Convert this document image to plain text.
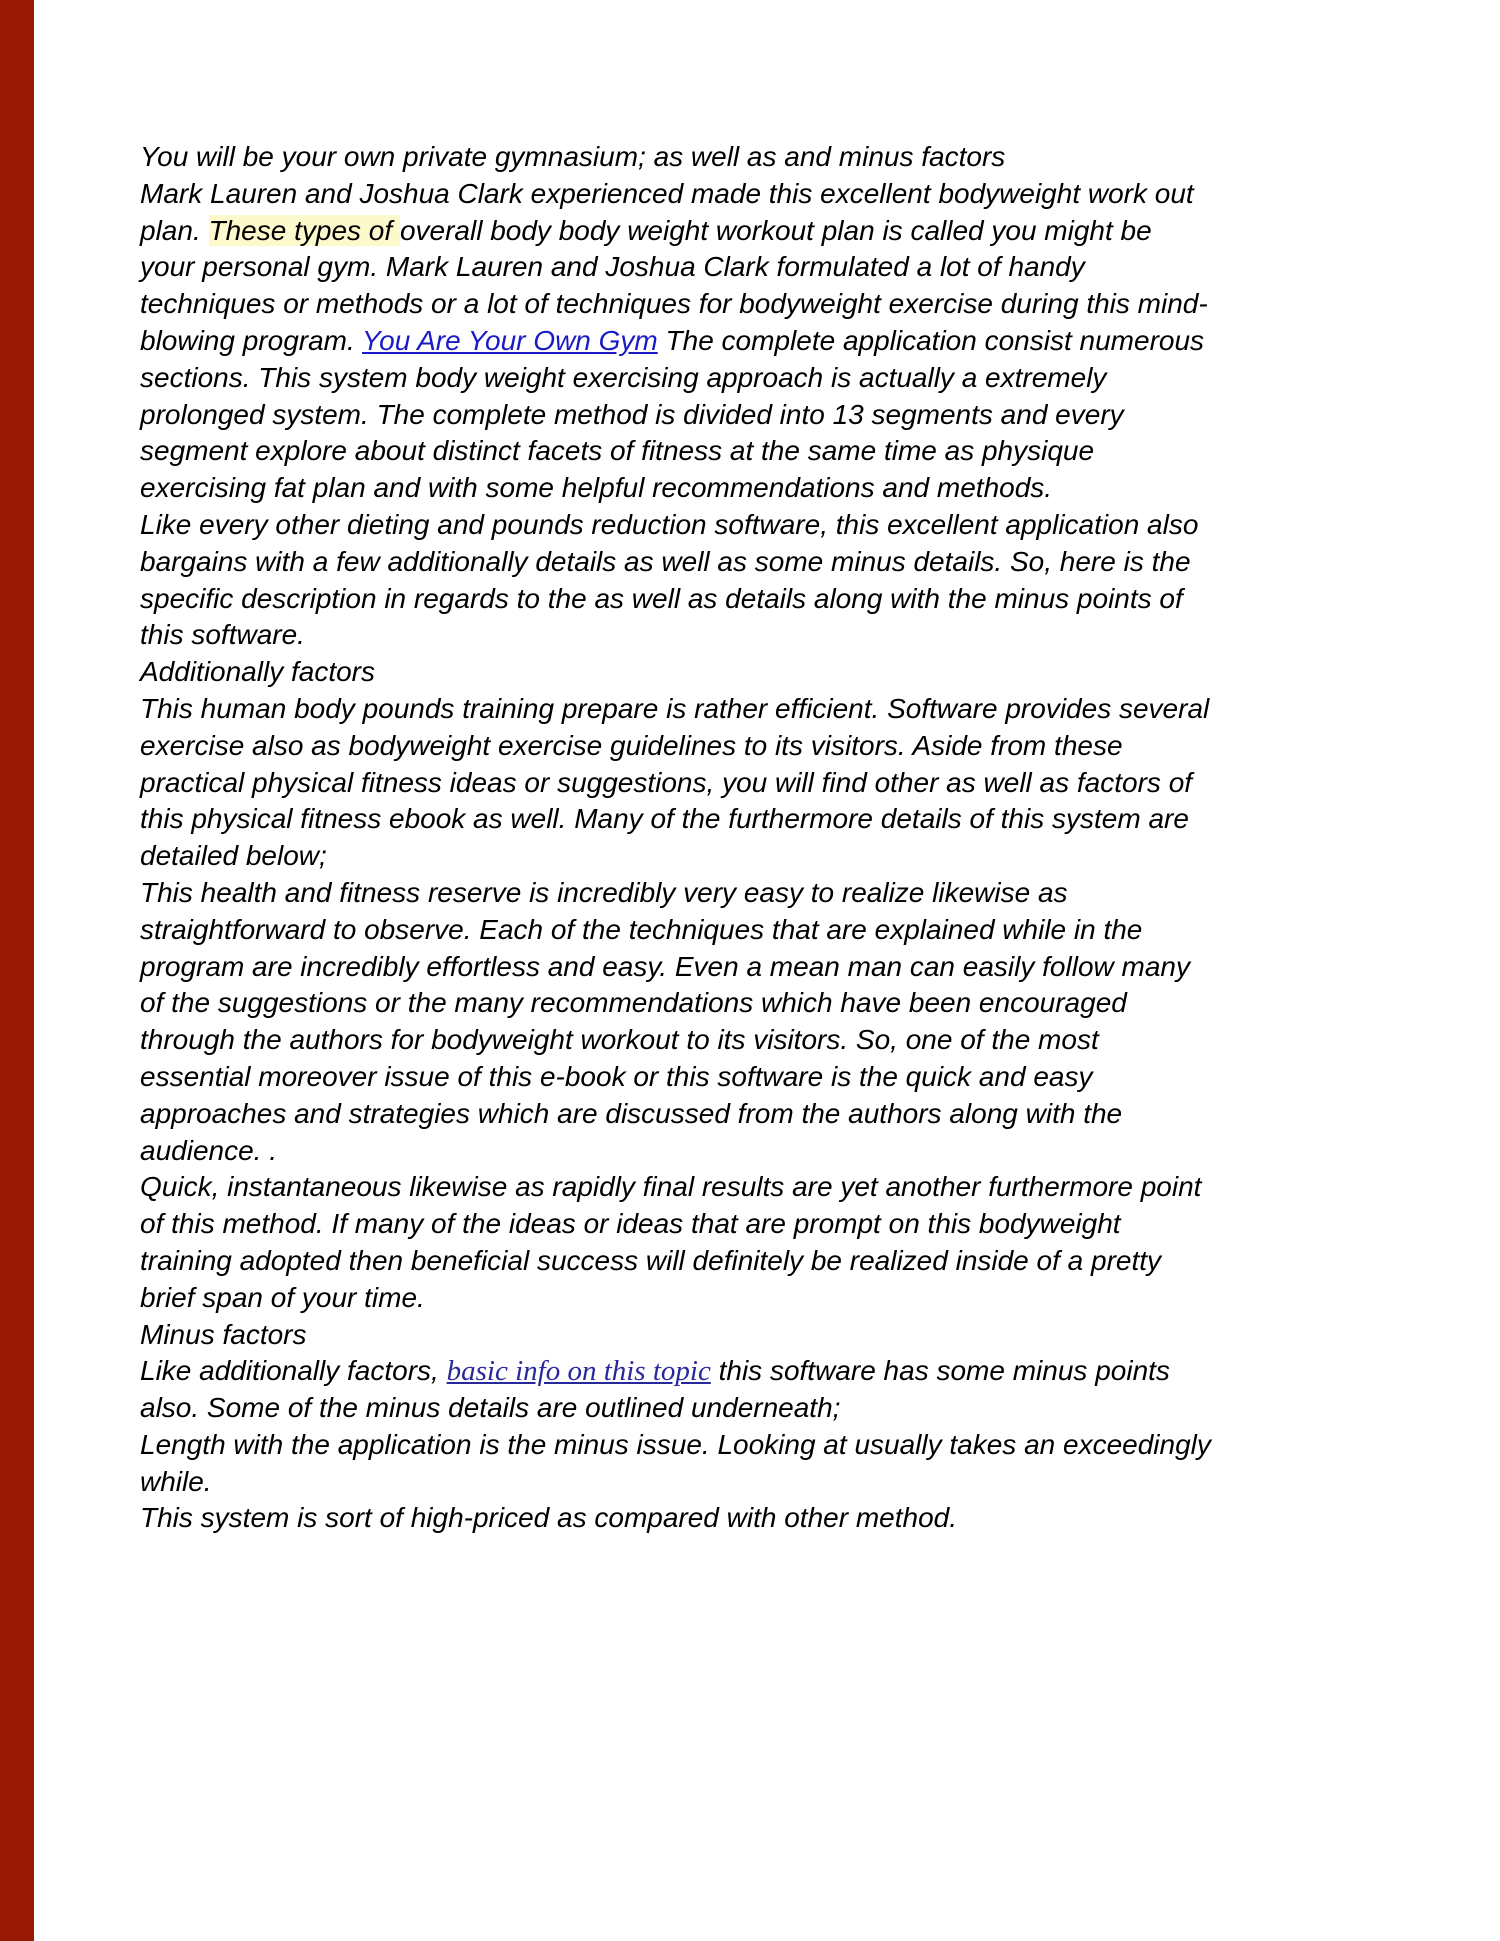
You will be your own private gymnasium; as well as and minus factors
Mark Lauren and Joshua Clark experienced made this excellent bodyweight work out
plan. These types of overall body body weight workout plan is called you might be
your personal gym. Mark Lauren and Joshua Clark formulated a lot of handy
techniques or methods or a lot of techniques for bodyweight exercise during this mind-
blowing program. You Are Your Own Gym The complete application consist numerous
sections. This system body weight exercising approach is actually a extremely
prolonged system. The complete method is divided into 13 segments and every
segment explore about distinct facets of fitness at the same time as physique
exercising fat plan and with some helpful recommendations and methods.
Like every other dieting and pounds reduction software, this excellent application also
bargains with a few additionally details as well as some minus details. So, here is the
specific description in regards to the as well as details along with the minus points of
this software.
Additionally factors
This human body pounds training prepare is rather efficient. Software provides several
exercise also as bodyweight exercise guidelines to its visitors. Aside from these
practical physical fitness ideas or suggestions, you will find other as well as factors of
this physical fitness ebook as well. Many of the furthermore details of this system are
detailed below;
This health and fitness reserve is incredibly very easy to realize likewise as
straightforward to observe. Each of the techniques that are explained while in the
program are incredibly effortless and easy. Even a mean man can easily follow many
of the suggestions or the many recommendations which have been encouraged
through the authors for bodyweight workout to its visitors. So, one of the most
essential moreover issue of this e-book or this software is the quick and easy
approaches and strategies which are discussed from the authors along with the
audience. .
Quick, instantaneous likewise as rapidly final results are yet another furthermore point
of this method. If many of the ideas or ideas that are prompt on this bodyweight
training adopted then beneficial success will definitely be realized inside of a pretty
brief span of your time.
Minus factors
Like additionally factors, basic info on this topic this software has some minus points
also. Some of the minus details are outlined underneath;
Length with the application is the minus issue. Looking at usually takes an exceedingly
while.
This system is sort of high-priced as compared with other method.
